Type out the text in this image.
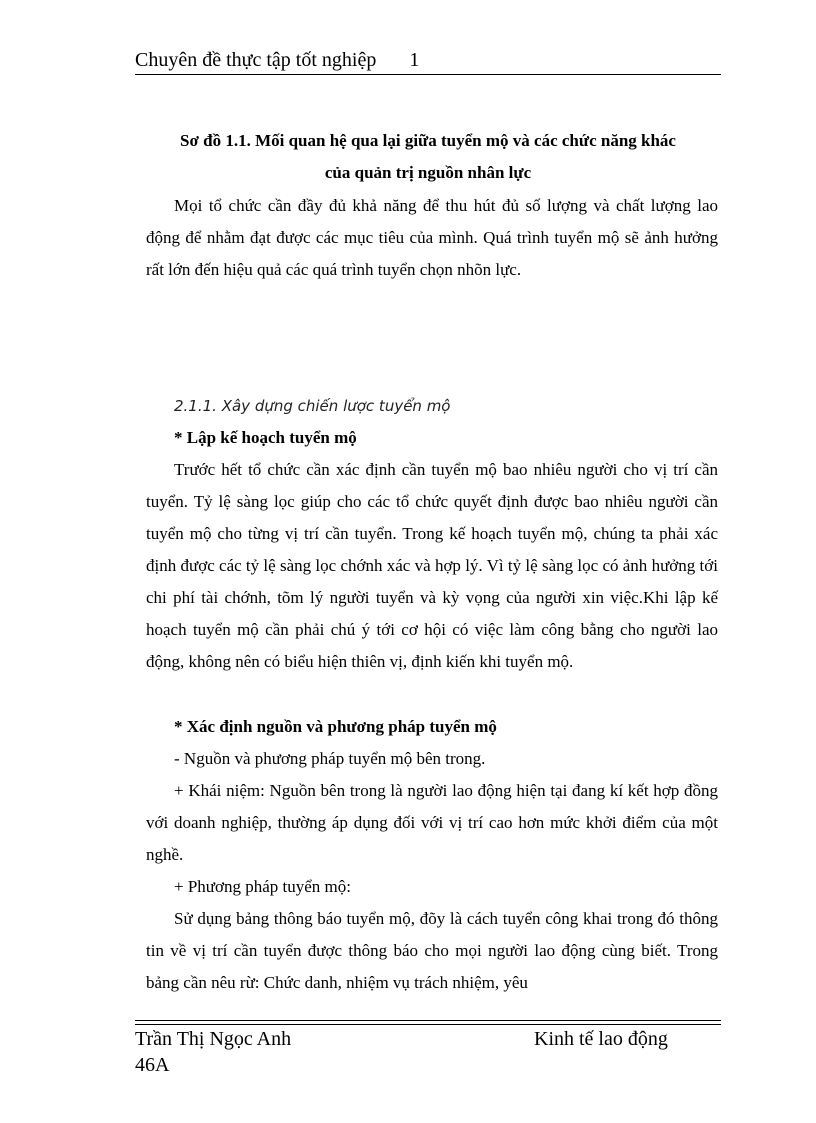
Chuyên đề thực tập tốt nghiệp 1
Sơ đồ 1.1. Mối quan hệ qua lại giữa tuyển mộ và các chức năng khác
của quản trị nguồn nhân lực
Mọi tổ chức cần đầy đủ khả năng để thu hút đủ số lượng và chất lượng lao động để nhằm đạt được các mục tiêu của mình. Quá trình tuyển mộ sẽ ảnh hưởng rất lớn đến hiệu quả các quá trình tuyển chọn nhõn lực.
2.1.1. Xây dựng chiến lược tuyển mộ
* Lập kế hoạch tuyển mộ
Trước hết tổ chức cần xác định cần tuyển mộ bao nhiêu người cho vị trí cần tuyển. Tỷ lệ sàng lọc giúp cho các tổ chức quyết định được bao nhiêu người cần tuyển mộ cho từng vị trí cần tuyển. Trong kế hoạch tuyển mộ, chúng ta phải xác định được các tỷ lệ sàng lọc chớnh xác và hợp lý. Vì tỷ lệ sàng lọc có ảnh hưởng tới chi phí tài chớnh, tõm lý người tuyển và kỳ vọng của người xin việc.Khi lập kế hoạch tuyển mộ cần phải chú ý tới cơ hội có việc làm công bằng cho người lao động, không nên có biểu hiện thiên vị, định kiến khi tuyển mộ.
* Xác định nguồn và phương pháp tuyển mộ
- Nguồn và phương pháp tuyển mộ bên trong.
+ Khái niệm: Nguồn bên trong là người lao động hiện tại đang kí kết hợp đồng với doanh nghiệp, thường áp dụng đối với vị trí cao hơn mức khởi điểm của một nghề.
+ Phương pháp tuyển mộ:
Sử dụng bảng thông báo tuyển mộ, đõy là cách tuyển công khai trong đó thông tin về vị trí cần tuyển được thông báo cho mọi người lao động cùng biết. Trong bảng cần nêu rừ: Chức danh, nhiệm vụ trách nhiệm, yêu
Trần Thị Ngọc Anh
46A
Kinh tế lao động
